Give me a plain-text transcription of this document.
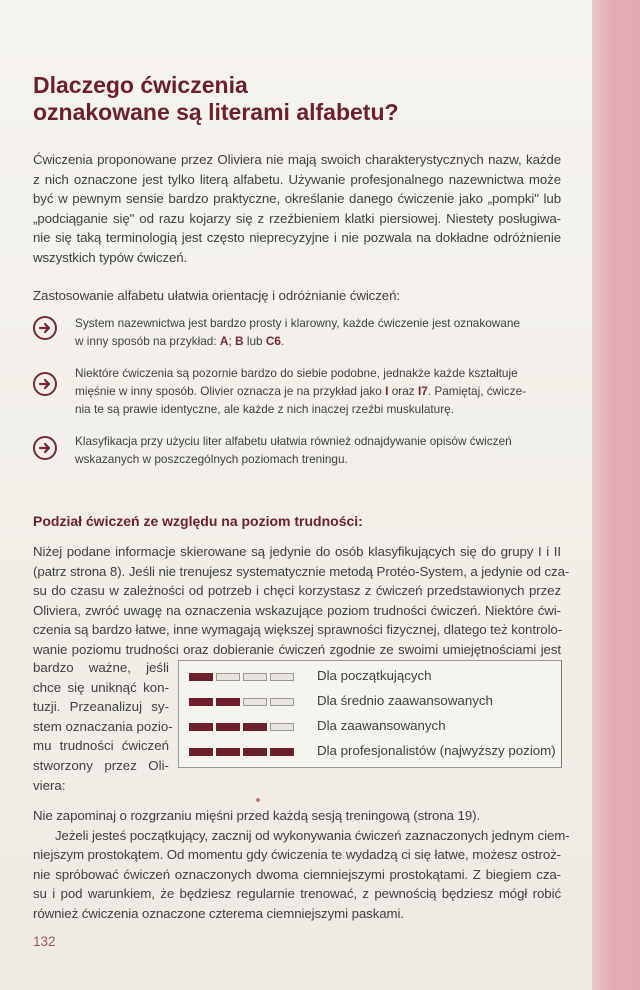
Dlaczego ćwiczenia
oznakowane są literami alfabetu?
Ćwiczenia proponowane przez Oliviera nie mają swoich charakterystycznych nazw, każde
z nich oznaczone jest tylko literą alfabetu. Używanie profesjonalnego nazewnictwa może
być w pewnym sensie bardzo praktyczne, określanie danego ćwiczenie jako „pompki" lub
„podciąganie się" od razu kojarzy się z rzeźbieniem klatki piersiowej. Niestety posługiwa-
nie się taką terminologią jest często nieprecyzyjne i nie pozwala na dokładne odróżnienie
wszystkich typów ćwiczeń.
Zastosowanie alfabetu ułatwia orientację i odróżnianie ćwiczeń:
System nazewnictwa jest bardzo prosty i klarowny, każde ćwiczenie jest oznakowane
w inny sposób na przykład: A; B lub C6.
Niektóre ćwiczenia są pozornie bardzo do siebie podobne, jednakże każde kształtuje
mięśnie w inny sposób. Olivier oznacza je na przykład jako I oraz I7. Pamiętaj, ćwicze-
nia te są prawie identyczne, ale każde z nich inaczej rzeźbi muskulaturę.
Klasyfikacja przy użyciu liter alfabetu ułatwia również odnajdywanie opisów ćwiczeń
wskazanych w poszczególnych poziomach treningu.
Podział ćwiczeń ze względu na poziom trudności:
Niżej podane informacje skierowane są jedynie do osób klasyfikujących się do grupy I i II
(patrz strona 8). Jeśli nie trenujesz systematycznie metodą Protéo-System, a jedynie od cza-
su do czasu w zależności od potrzeb i chęci korzystasz z ćwiczeń przedstawionych przez
Oliviera, zwróć uwagę na oznaczenia wskazujące poziom trudności ćwiczeń. Niektóre ćwi-
czenia są bardzo łatwe, inne wymagają większej sprawności fizycznej, dlatego też kontrolo-
wanie poziomu trudności oraz dobieranie ćwiczeń zgodnie ze swoimi umiejętnościami jest
bardzo ważne, jeśli
chce się uniknąć kon-
tuzji. Przeanalizuj sy-
stem oznaczania pozio-
mu trudności ćwiczeń
stworzony przez Oli-
viera:
Dla początkujących
Dla średnio zaawansowanych
Dla zaawansowanych
Dla profesjonalistów (najwyższy poziom)
Nie zapominaj o rozgrzaniu mięśni przed każdą sesją treningową (strona 19).
Jeżeli jesteś początkujący, zacznij od wykonywania ćwiczeń zaznaczonych jednym ciem-
niejszym prostokątem. Od momentu gdy ćwiczenia te wydadzą ci się łatwe, możesz ostroż-
nie spróbować ćwiczeń oznaczonych dwoma ciemniejszymi prostokątami. Z biegiem cza-
su i pod warunkiem, że będziesz regularnie trenować, z pewnością będziesz mógł robić
również ćwiczenia oznaczone czterema ciemniejszymi paskami.
132
